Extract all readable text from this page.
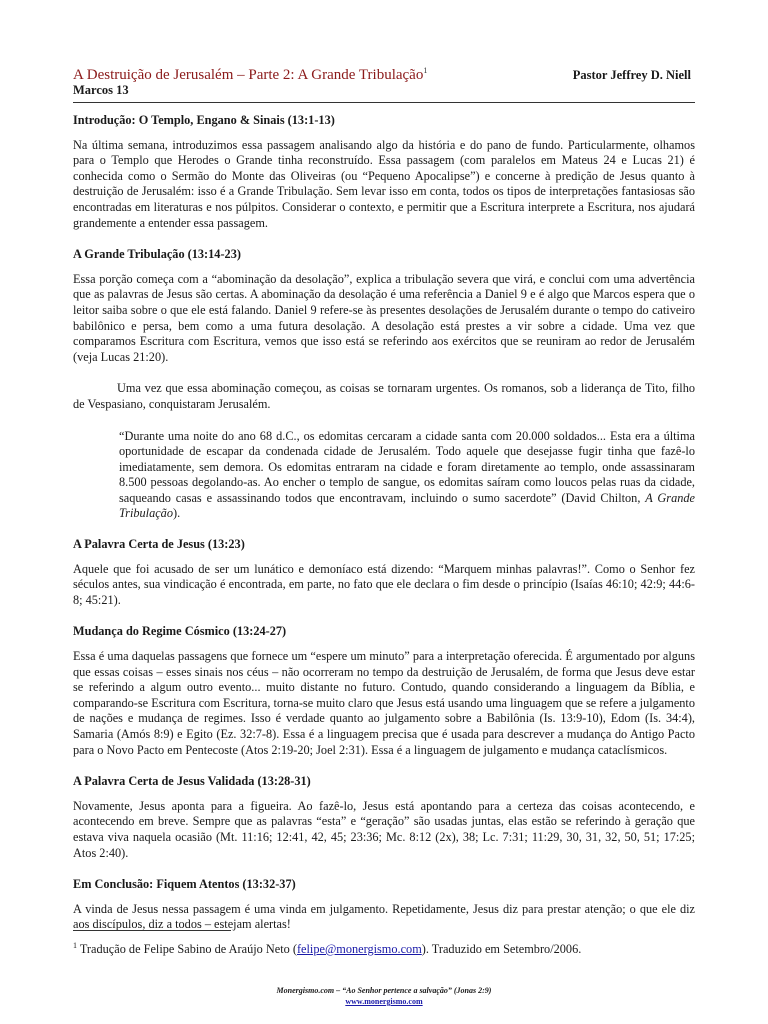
A Destruição de Jerusalém – Parte 2: A Grande Tribulação$^1$	Pastor Jeffrey D. Niell
Marcos 13
Introdução: O Templo, Engano & Sinais (13:1-13)

Na última semana, introduzimos essa passagem analisando algo da história e do pano de fundo. Particularmente, olhamos para o Templo que Herodes o Grande tinha reconstruído. Essa passagem (com paralelos em Mateus 24 e Lucas 21) é conhecida como o Sermão do Monte das Oliveiras (ou “Pequeno Apocalipse”) e concerne à predição de Jesus quanto à destruição de Jerusalém: isso é a Grande Tribulação. Sem levar isso em conta, todos os tipos de interpretações fantasiosas são encontradas em literaturas e nos púlpitos. Considerar o contexto, e permitir que a Escritura interprete a Escritura, nos ajudará grandemente a entender essa passagem.

A Grande Tribulação (13:14-23)

Essa porção começa com a “abominação da desolação”, explica a tribulação severa que virá, e conclui com uma advertência que as palavras de Jesus são certas. A abominação da desolação é uma referência a Daniel 9 e é algo que Marcos espera que o leitor saiba sobre o que ele está falando. Daniel 9 refere-se às presentes desolações de Jerusalém durante o tempo do cativeiro babilônico e persa, bem como a uma futura desolação. A desolação está prestes a vir sobre a cidade. Uma vez que comparamos Escritura com Escritura, vemos que isso está se referindo aos exércitos que se reuniram ao redor de Jerusalém (veja Lucas 21:20).

Uma vez que essa abominação começou, as coisas se tornaram urgentes. Os romanos, sob a liderança de Tito, filho de Vespasiano, conquistaram Jerusalém.

“Durante uma noite do ano 68 d.C., os edomitas cercaram a cidade santa com 20.000 soldados... Esta era a última oportunidade de escapar da condenada cidade de Jerusalém. Todo aquele que desejasse fugir tinha que fazê-lo imediatamente, sem demora. Os edomitas entraram na cidade e foram diretamente ao templo, onde assassinaram 8.500 pessoas degolando-as. Ao encher o templo de sangue, os edomitas saíram como loucos pelas ruas da cidade, saqueando casas e assassinando todos que encontravam, incluindo o sumo sacerdote” (David Chilton, A Grande Tribulação).
A Palavra Certa de Jesus (13:23)

Aquele que foi acusado de ser um lunático e demoníaco está dizendo: “Marquem minhas palavras!”. Como o Senhor fez séculos antes, sua vindicação é encontrada, em parte, no fato que ele declara o fim desde o princípio (Isaías 46:10; 42:9; 44:6-8; 45:21).

Mudança do Regime Cósmico (13:24-27)

Essa é uma daquelas passagens que fornece um “espere um minuto” para a interpretação oferecida. É argumentado por alguns que essas coisas – esses sinais nos céus – não ocorreram no tempo da destruição de Jerusalém, de forma que Jesus deve estar se referindo a algum outro evento... muito distante no futuro. Contudo, quando considerando a linguagem da Bíblia, e comparando-se Escritura com Escritura, torna-se muito claro que Jesus está usando uma linguagem que se refere a julgamento de nações e mudança de regimes. Isso é verdade quanto ao julgamento sobre a Babilônia (Is. 13:9-10), Edom (Is. 34:4), Samaria (Amós 8:9) e Egito (Ez. 32:7-8). Essa é a linguagem precisa que é usada para descrever a mudança do Antigo Pacto para o Novo Pacto em Pentecoste (Atos 2:19-20; Joel 2:31). Essa é a linguagem de julgamento e mudança cataclísmicos.

A Palavra Certa de Jesus Validada (13:28-31)

Novamente, Jesus aponta para a figueira. Ao fazê-lo, Jesus está apontando para a certeza das coisas acontecendo, e acontecendo em breve. Sempre que as palavras “esta” e “geração” são usadas juntas, elas estão se referindo à geração que estava viva naquela ocasião (Mt. 11:16; 12:41, 42, 45; 23:36; Mc. 8:12 (2x), 38; Lc. 7:31; 11:29, 30, 31, 32, 50, 51; 17:25; Atos 2:40).

Em Conclusão: Fiquem Atentos (13:32-37)

A vinda de Jesus nessa passagem é uma vinda em julgamento. Repetidamente, Jesus diz para prestar atenção; o que ele diz aos discípulos, diz a todos – estejam alertas!

$^1$ Tradução de Felipe Sabino de Araújo Neto (felipe@monergismo.com). Traduzido em Setembro/2006.
Monergismo.com – “Ao Senhor pertence a salvação” (Jonas 2:9)
www.monergismo.com
